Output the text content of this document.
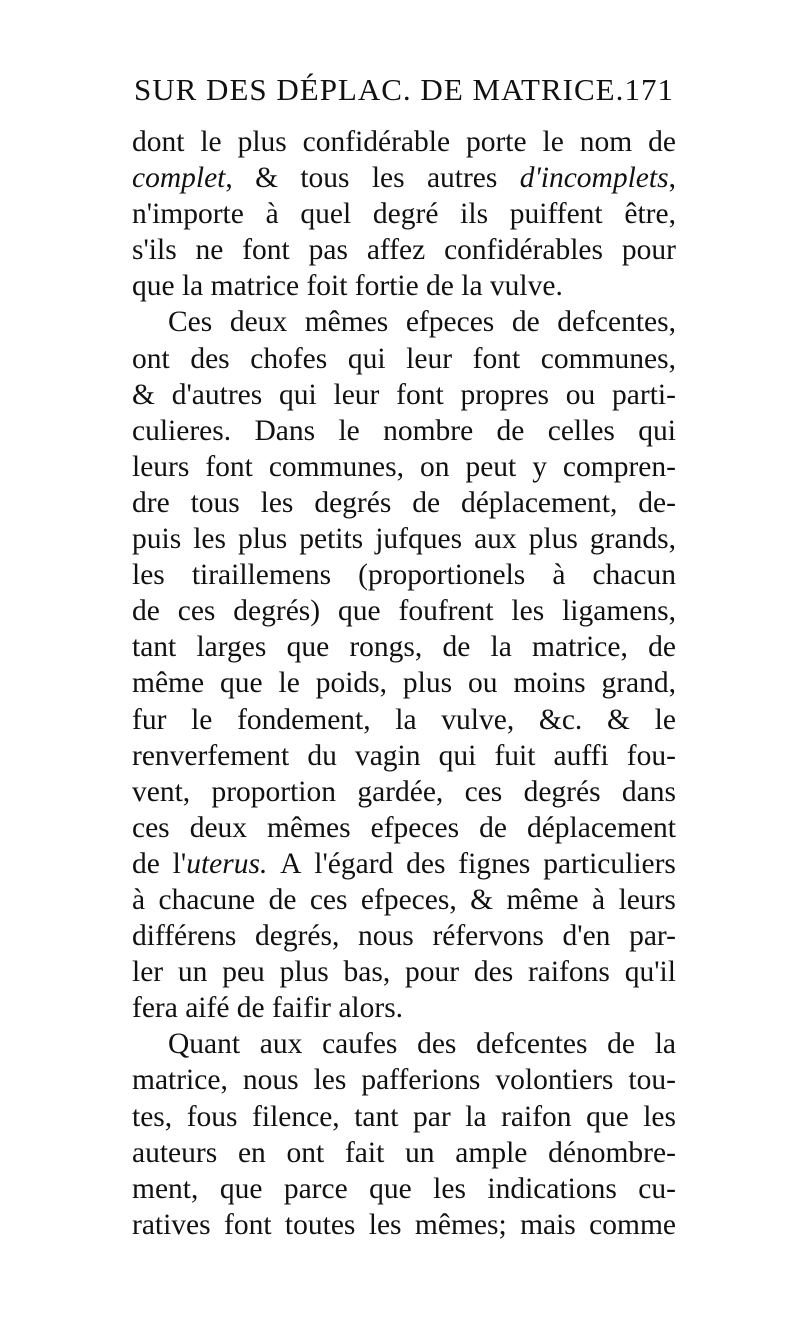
SUR DES DÉPLAC. DE MATRICE. 171
dont le plus confidérable porte le nom de
complet, & tous les autres d'incomplets,
n'importe à quel degré ils puiffent être,
s'ils ne font pas affez confidérables pour
que la matrice foit fortie de la vulve.
Ces deux mêmes efpeces de defcentes,
ont des chofes qui leur font communes,
& d'autres qui leur font propres ou parti-
culieres. Dans le nombre de celles qui
leurs font communes, on peut y compren-
dre tous les degrés de déplacement, de-
puis les plus petits jufques aux plus grands,
les tiraillemens (proportionels à chacun
de ces degrés) que foufrent les ligamens,
tant larges que rongs, de la matrice, de
même que le poids, plus ou moins grand,
fur le fondement, la vulve, &c. & le
renverfement du vagin qui fuit auffi fou-
vent, proportion gardée, ces degrés dans
ces deux mêmes efpeces de déplacement
de l'uterus. A l'égard des fignes particuliers
à chacune de ces efpeces, & même à leurs
différens degrés, nous réfervons d'en par-
ler un peu plus bas, pour des raifons qu'il
fera aifé de faifir alors.
Quant aux caufes des defcentes de la
matrice, nous les pafferions volontiers tou-
tes, fous filence, tant par la raifon que les
auteurs en ont fait un ample dénombre-
ment, que parce que les indications cu-
ratives font toutes les mêmes; mais comme
